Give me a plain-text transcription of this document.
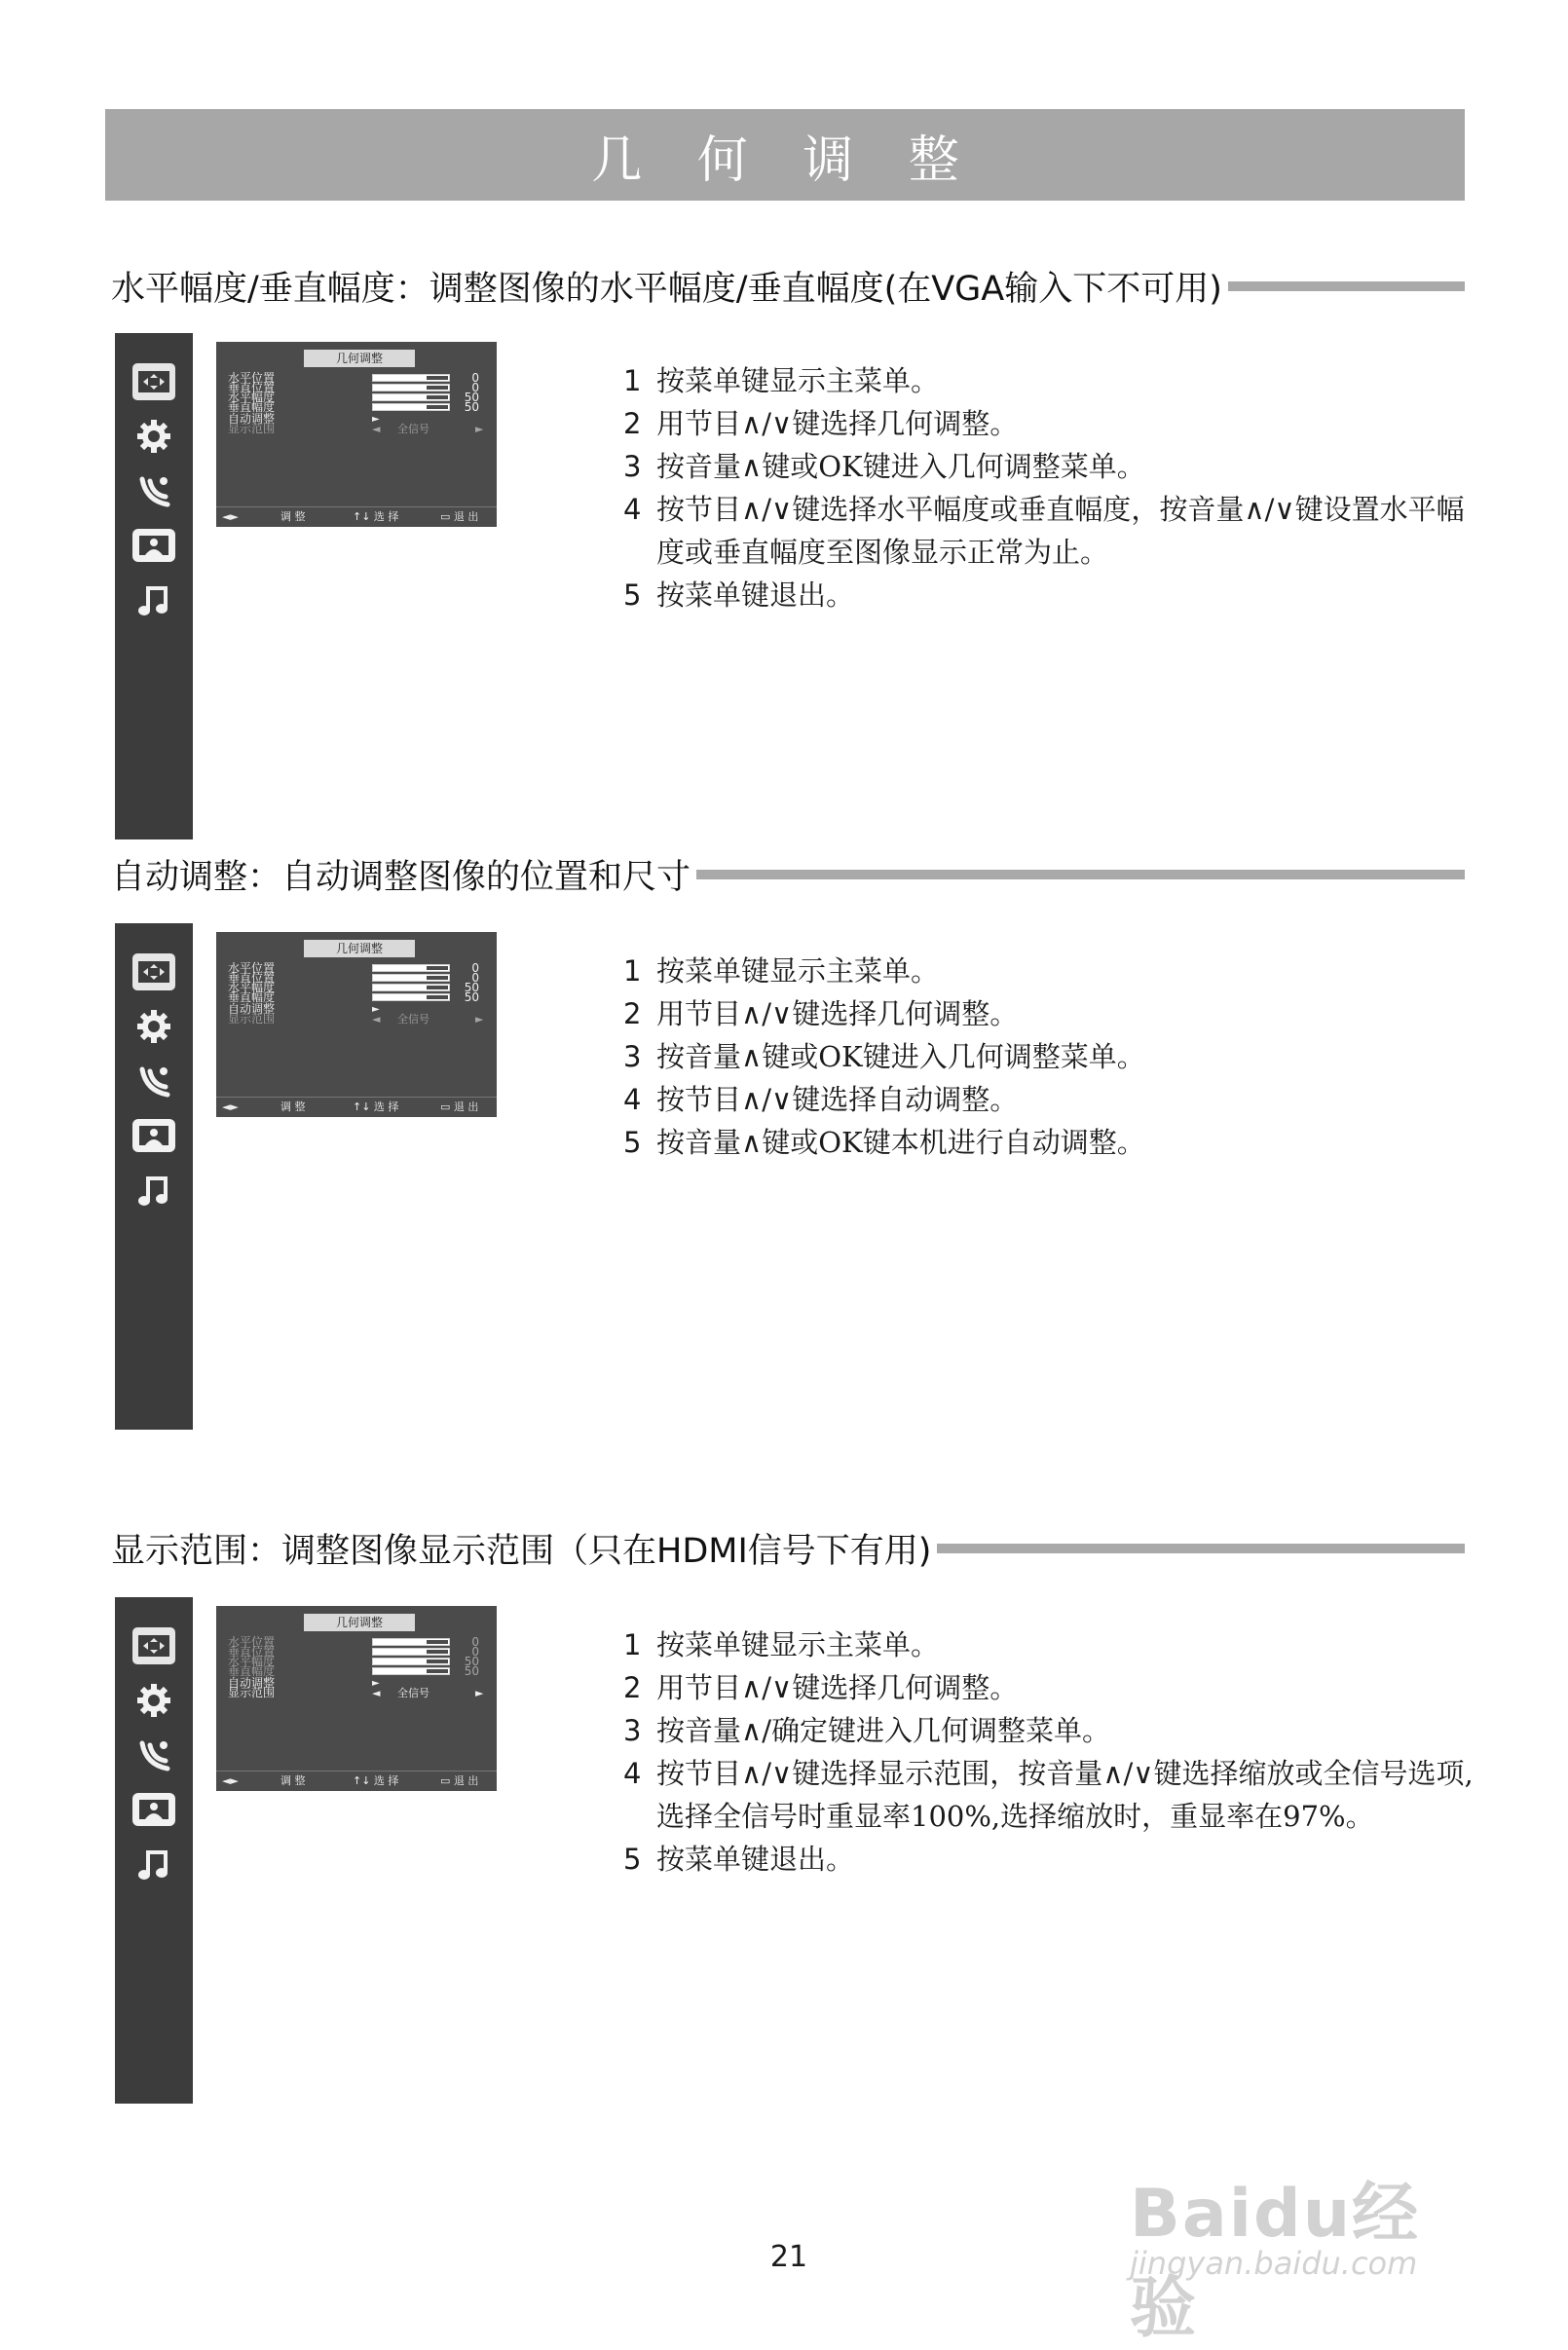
几 何 调 整
水平幅度/垂直幅度：调整图像的水平幅度/垂直幅度(在VGA输入下不可用)
几何调整
水平位置	0
垂直位置	0
水平幅度	50
垂直幅度	50
自动调整	►
显示范围	◄ 全信号	►
◄►	调 整	↑↓ 选 择	▭ 退 出
1 按菜单键显示主菜单。
2 用节目∧/∨键选择几何调整。
3 按音量∧键或OK键进入几何调整菜单。
4 按节目∧/∨键选择水平幅度或垂直幅度，按音量∧/∨键设置水平幅度或垂直幅度至图像显示正常为止。
5 按菜单键退出。
自动调整：自动调整图像的位置和尺寸
几何调整
水平位置	0
垂直位置	0
水平幅度	50
垂直幅度	50
自动调整	►
显示范围	◄ 全信号	►
◄►	调 整	↑↓ 选 择	▭ 退 出
1 按菜单键显示主菜单。
2 用节目∧/∨键选择几何调整。
3 按音量∧键或OK键进入几何调整菜单。
4 按节目∧/∨键选择自动调整。
5 按音量∧键或OK键本机进行自动调整。
显示范围：调整图像显示范围（只在HDMI信号下有用)
几何调整
水平位置	0
垂直位置	0
水平幅度	50
垂直幅度	50
自动调整	►
显示范围	◄ 全信号	►
◄►	调 整	↑↓ 选 择	▭ 退 出
1 按菜单键显示主菜单。
2 用节目∧/∨键选择几何调整。
3 按音量∧/确定键进入几何调整菜单。
4 按节目∧/∨键选择显示范围，按音量∧/∨键选择缩放或全信号选项,选择全信号时重显率100%,选择缩放时，重显率在97%。
5 按菜单键退出。
21
Baidu经验
jingyan.baidu.com
